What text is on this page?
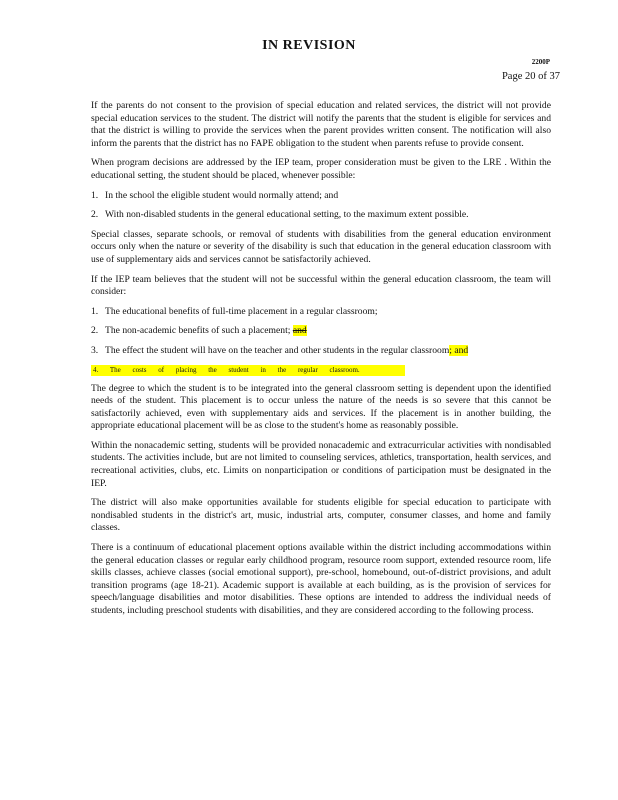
IN REVISION
2200P
Page 20 of 37

If the parents do not consent to the provision of special education and related services, the district will not provide special education services to the student. The district will notify the parents that the student is eligible for services and that the district is willing to provide the services when the parent provides written consent. The notification will also inform the parents that the district has no FAPE obligation to the student when parents refuse to provide consent.

When program decisions are addressed by the IEP team, proper consideration must be given to the LRE . Within the educational setting, the student should be placed, whenever possible:

1. In the school the eligible student would normally attend; and
2. With non-disabled students in the general educational setting, to the maximum extent possible.

Special classes, separate schools, or removal of students with disabilities from the general education environment occurs only when the nature or severity of the disability is such that education in the general education classroom with use of supplementary aids and services cannot be satisfactorily achieved.

If the IEP team believes that the student will not be successful within the general education classroom, the team will consider:

1. The educational benefits of full-time placement in a regular classroom;
2. The non-academic benefits of such a placement; and
3. The effect the student will have on the teacher and other students in the regular classroom; and
4. The costs of placing the student in the regular classroom.

The degree to which the student is to be integrated into the general classroom setting is dependent upon the identified needs of the student. This placement is to occur unless the nature of the needs is so severe that this cannot be satisfactorily achieved, even with supplementary aids and services. If the placement is in another building, the appropriate educational placement will be as close to the student's home as reasonably possible.

Within the nonacademic setting, students will be provided nonacademic and extracurricular activities with nondisabled students. The activities include, but are not limited to counseling services, athletics, transportation, health services, and recreational activities, clubs, etc. Limits on nonparticipation or conditions of participation must be designated in the IEP.

The district will also make opportunities available for students eligible for special education to participate with nondisabled students in the district's art, music, industrial arts, computer, consumer classes, and home and family classes.

There is a continuum of educational placement options available within the district including accommodations within the general education classes or regular early childhood program, resource room support, extended resource room, life skills classes, achieve classes (social emotional support), pre-school, homebound, out-of-district provisions, and adult transition programs (age 18-21). Academic support is available at each building, as is the provision of services for speech/language disabilities and motor disabilities. These options are intended to address the individual needs of students, including preschool students with disabilities, and they are considered according to the following process.
